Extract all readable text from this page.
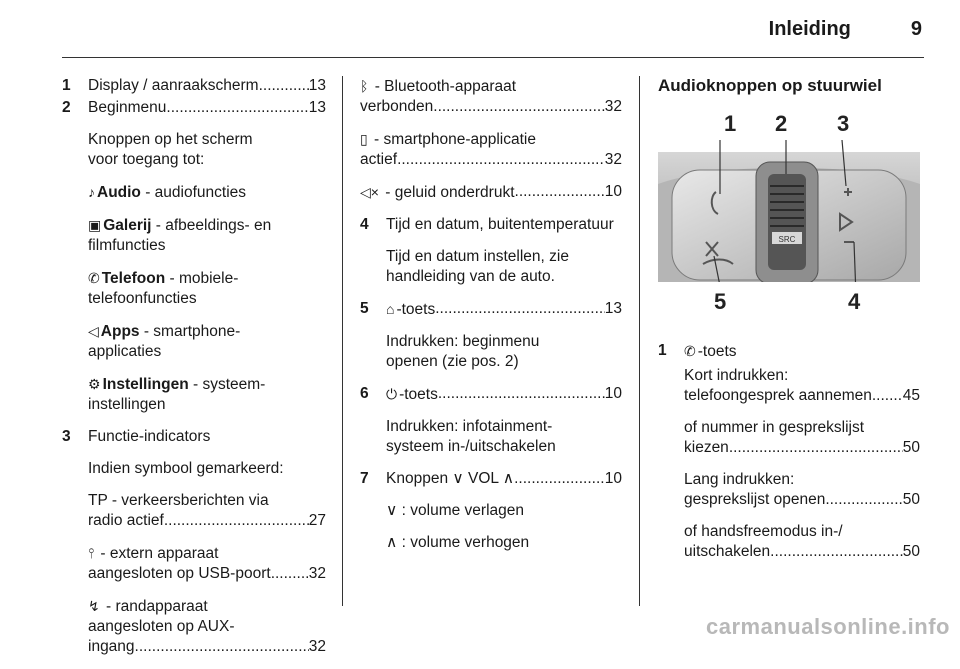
Inleiding	9
1 Display / aanraakscherm .....	13
2 Beginmenu .....	13
Knoppen op het scherm
voor toegang tot:
♪ Audio - audiofuncties
▣ Galerij - afbeeldings- en
filmfuncties
✆ Telefoon - mobiele-
telefoonfuncties
◁ Apps - smartphone-
applicaties
⚙ Instellingen - systeem-
instellingen
3 Functie-indicators
Indien symbool gemarkeerd:
TP - verkeersberichten via
radio actief .....	27
⫯ - extern apparaat
aangesloten op USB-poort ..... 32
↯ - randapparaat
aangesloten op AUX-
ingang .....	32
ᛒ - Bluetooth-apparaat
verbonden .....	32
▯ - smartphone-applicatie
actief .....	32
◁× - geluid onderdrukt .....	10
4 Tijd en datum, buitentemperatuur
Tijd en datum instellen, zie
handleiding van de auto.
5 ⌂ -toets .....	13
Indrukken: beginmenu
openen (zie pos. 2)
6 ⏻ -toets .....	10
Indrukken: infotainment-
systeem in-/uitschakelen
7 Knoppen ∨ VOL ∧ .....	10
∨ : volume verlagen
∧ : volume verhogen
Audioknoppen op stuurwiel
SRC
1 2 3
5	4
1 ✆ -toets
Kort indrukken:
telefoongesprek aannemen ..... 45
of nummer in gesprekslijst
kiezen .....	50
Lang indrukken:
gesprekslijst openen .....	50
of handsfreemodus in-/
uitschakelen .....	50
carmanualsonline.info
